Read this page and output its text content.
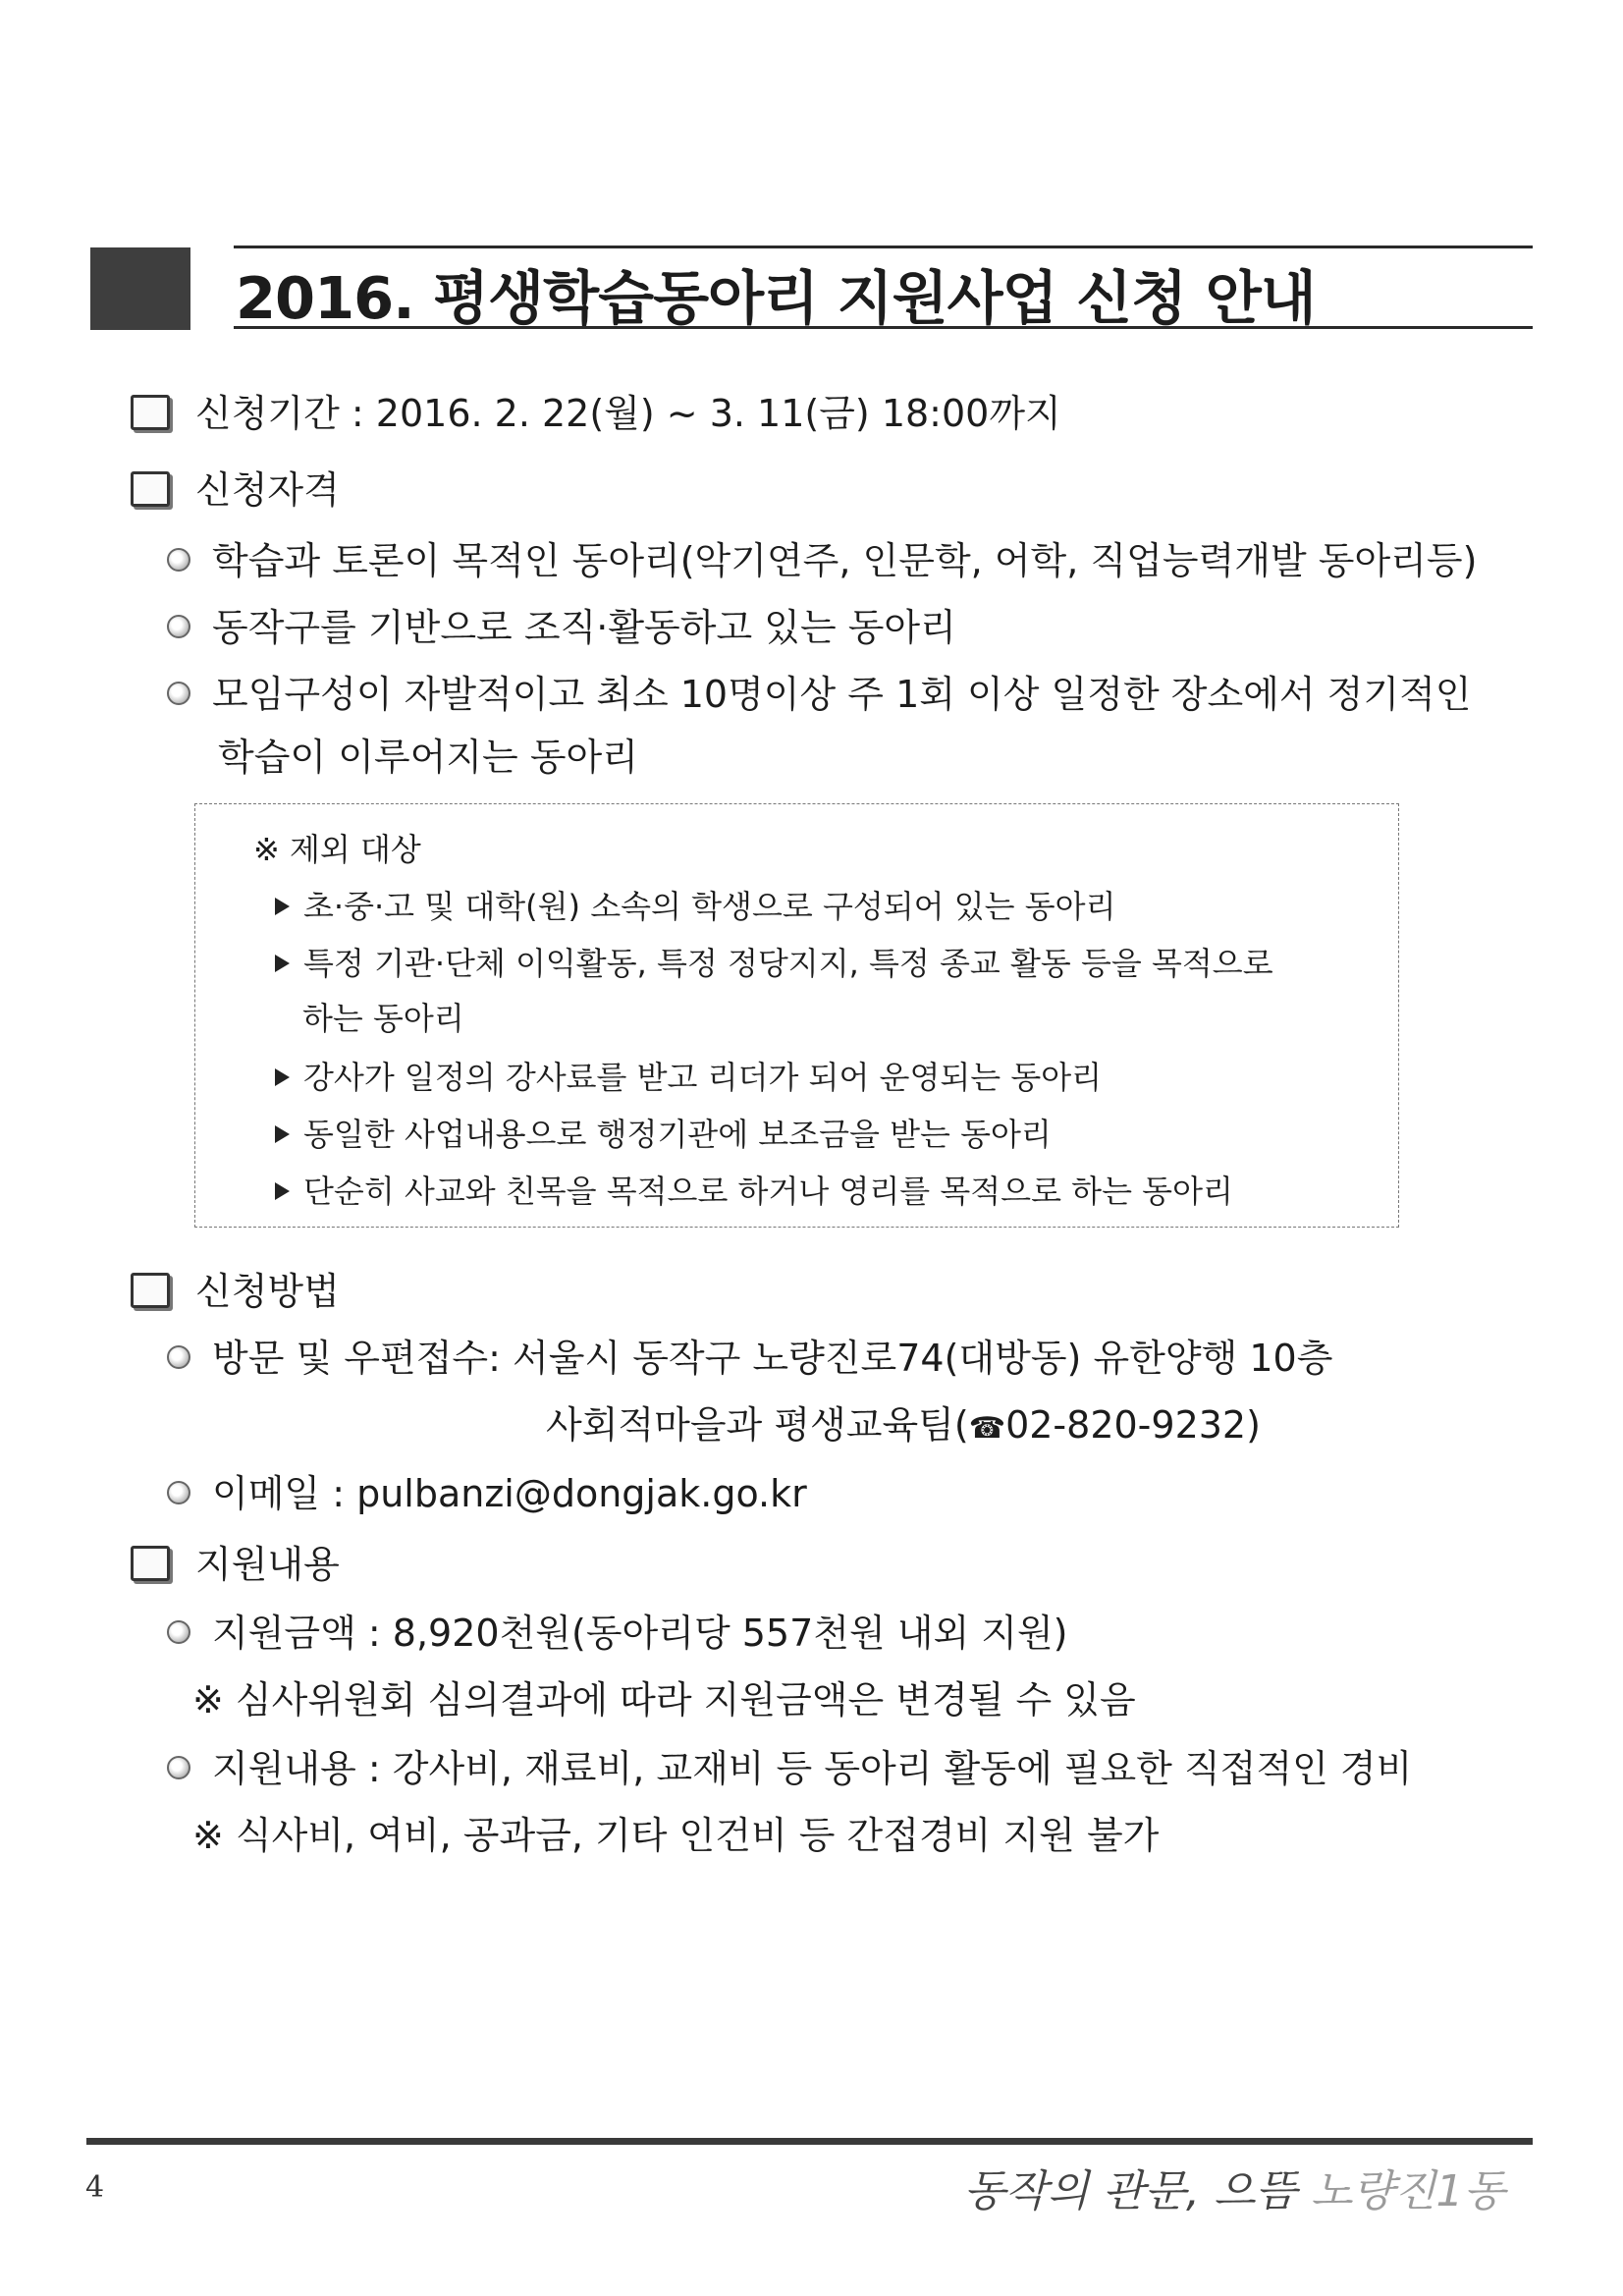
2016. 평생학습동아리 지원사업 신청 안내
신청기간 : 2016. 2. 22(월) ~ 3. 11(금) 18:00까지
신청자격
학습과 토론이 목적인 동아리(악기연주, 인문학, 어학, 직업능력개발 동아리등)
동작구를 기반으로 조직·활동하고 있는 동아리
모임구성이 자발적이고 최소 10명이상 주 1회 이상 일정한 장소에서 정기적인
학습이 이루어지는 동아리
※ 제외 대상
초·중·고 및 대학(원) 소속의 학생으로 구성되어 있는 동아리
특정 기관·단체 이익활동, 특정 정당지지, 특정 종교 활동 등을 목적으로
하는 동아리
강사가 일정의 강사료를 받고 리더가 되어 운영되는 동아리
동일한 사업내용으로 행정기관에 보조금을 받는 동아리
단순히 사교와 친목을 목적으로 하거나 영리를 목적으로 하는 동아리
신청방법
방문 및 우편접수: 서울시 동작구 노량진로74(대방동) 유한양행 10층
사회적마을과 평생교육팀(☎02-820-9232)
이메일 : pulbanzi@dongjak.go.kr
지원내용
지원금액 : 8,920천원(동아리당 557천원 내외 지원)
※ 심사위원회 심의결과에 따라 지원금액은 변경될 수 있음
지원내용 : 강사비, 재료비, 교재비 등 동아리 활동에 필요한 직접적인 경비
※ 식사비, 여비, 공과금, 기타 인건비 등 간접경비 지원 불가
4	동작의 관문, 으뜸 노량진1동
